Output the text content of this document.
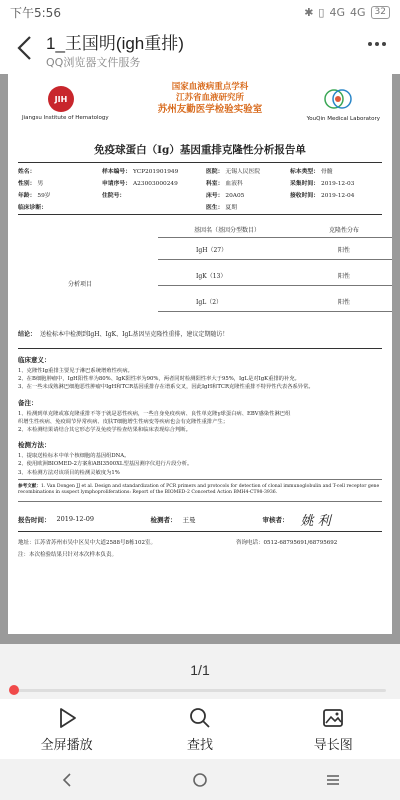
下午5:56	✱ ▯ 4G 4G	32
1_王国明(igh重排)
QQ浏览器文件服务
JIH
Jiangsu Institute of Hematology
国家血液病重点学科
江苏省血液研究所
苏州友勤医学检验实验室
YouQin Medical Laboratory
免疫球蛋白（Ig）基因重排克隆性分析报告单
姓名：	样本编号： YCP201901949	医院： 无锡人民医院	标本类型： 骨髓
性别： 男	申请序号： A23003000249	科室： 血液科	采集时间： 2019-12-03
年龄： 59岁	住院号：	床号： 20A05	接收时间： 2019-12-04
临床诊断：	医生： 夏期
基因名（基因分型数目）	克隆性分布
IgH（27）	阳性
IgK（13）	阳性
IgL（2）	阳性
分析项目
结论： 送检标本中检测到IgH、IgK、IgL基因呈克隆性重排，建议定期随访！
临床意义：
1、克隆性Ig重排主要见于淋巴系统增殖性疾病。
2、在B细胞肿瘤中，IgH阳性率为80%、IgK阳性率为90%，两者同时检测阳性率大于95%，IgL是对IgK重排的补充。
3、在一些未成熟淋巴细胞恶性肿瘤中IgH和TCR基因重排存在谱系交叉，因此IgH和TCR克隆性重排不特异性代表各系异常。
备注：
1、检测到单克隆或寡克隆重排不等于就是恶性疾病，一些自身免疫疾病、良性单克隆γ球蛋白病、EBV感染性淋巴组
织增生性疾病、免疫调节异常疾病、皮肤T细胞增生性病变等疾病也会有克隆性重排产生；
2、本检测结果请结合其它形态学及免疫学检查结果和临床表现综合判断。
检测方法：
1、提取送检标本中单个核细胞的基因组DNA。
2、使用欧洲BIOMED-2方案和ABI3500XL型基因测序仪进行片段分析。
3、本检测方法对该项目的检测灵敏度为1%
参考文献：1. Van Dongen JJ et al. Design and standardization of PCR primers and protocols for detection of clonal immunoglobulin and T-cell receptor gene recombinations in suspect lymphoproliferations: Report of the BIOMED-2 Concerted Action BMH4-CT98-3936.
报告时间： 2019-12-09	检测者： 王曼	审核者： 姚 利
地址：江苏省苏州市吴中区吴中大道2588号8栋102室。	咨询电话：0512-68795691/68795692
注：本次检验结果只针对本次样本负责。
1/1
全屏播放	查找	导长图
